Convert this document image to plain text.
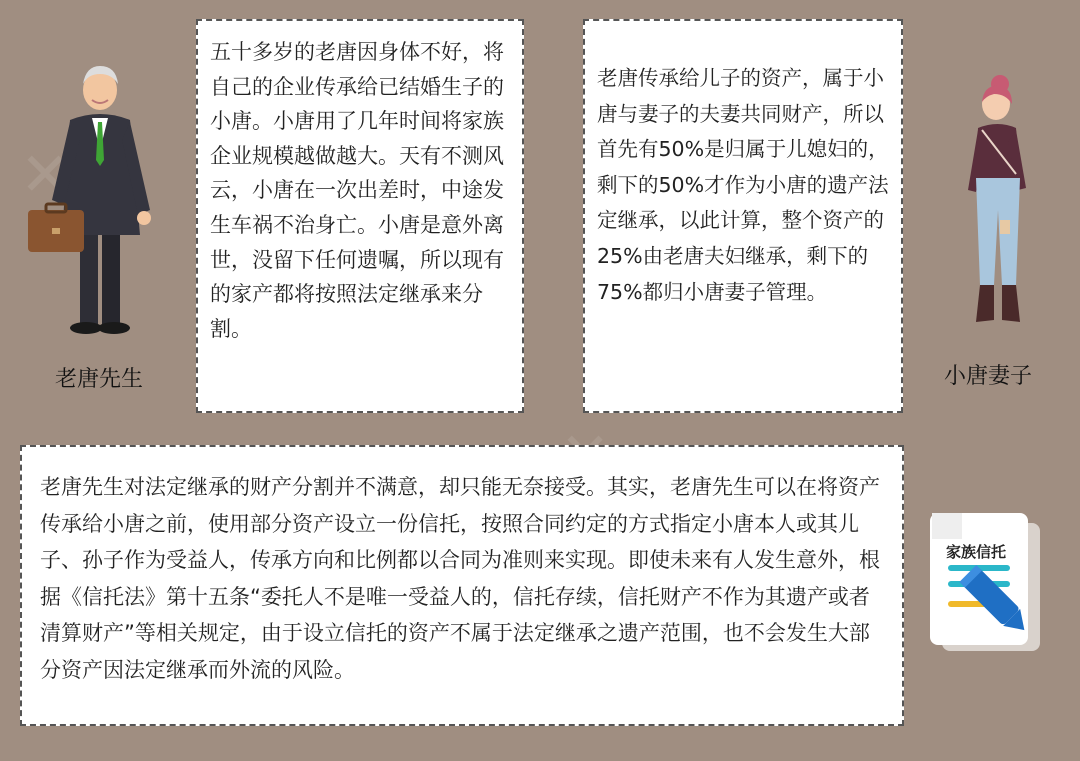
✕
老唐先生	小唐妻子
五十多岁的老唐因身体不好，将自己的企业传承给已结婚生子的小唐。小唐用了几年时间将家族企业规模越做越大。天有不测风云，小唐在一次出差时，中途发生车祸不治身亡。小唐是意外离世，没留下任何遗嘱，所以现有的家产都将按照法定继承来分割。
老唐传承给儿子的资产，属于小唐与妻子的夫妻共同财产，所以首先有50%是归属于儿媳妇的，剩下的50%才作为小唐的遗产法定继承，以此计算，整个资产的25%由老唐夫妇继承，剩下的75%都归小唐妻子管理。
老唐先生对法定继承的财产分割并不满意，却只能无奈接受。其实，老唐先生可以在将资产传承给小唐之前，使用部分资产设立一份信托，按照合同约定的方式指定小唐本人或其儿子、孙子作为受益人，传承方向和比例都以合同为准则来实现。即使未来有人发生意外，根据《信托法》第十五条“委托人不是唯一受益人的，信托存续，信托财产不作为其遗产或者清算财产”等相关规定，由于设立信托的资产不属于法定继承之遗产范围，也不会发生大部分资产因法定继承而外流的风险。
家族信托
